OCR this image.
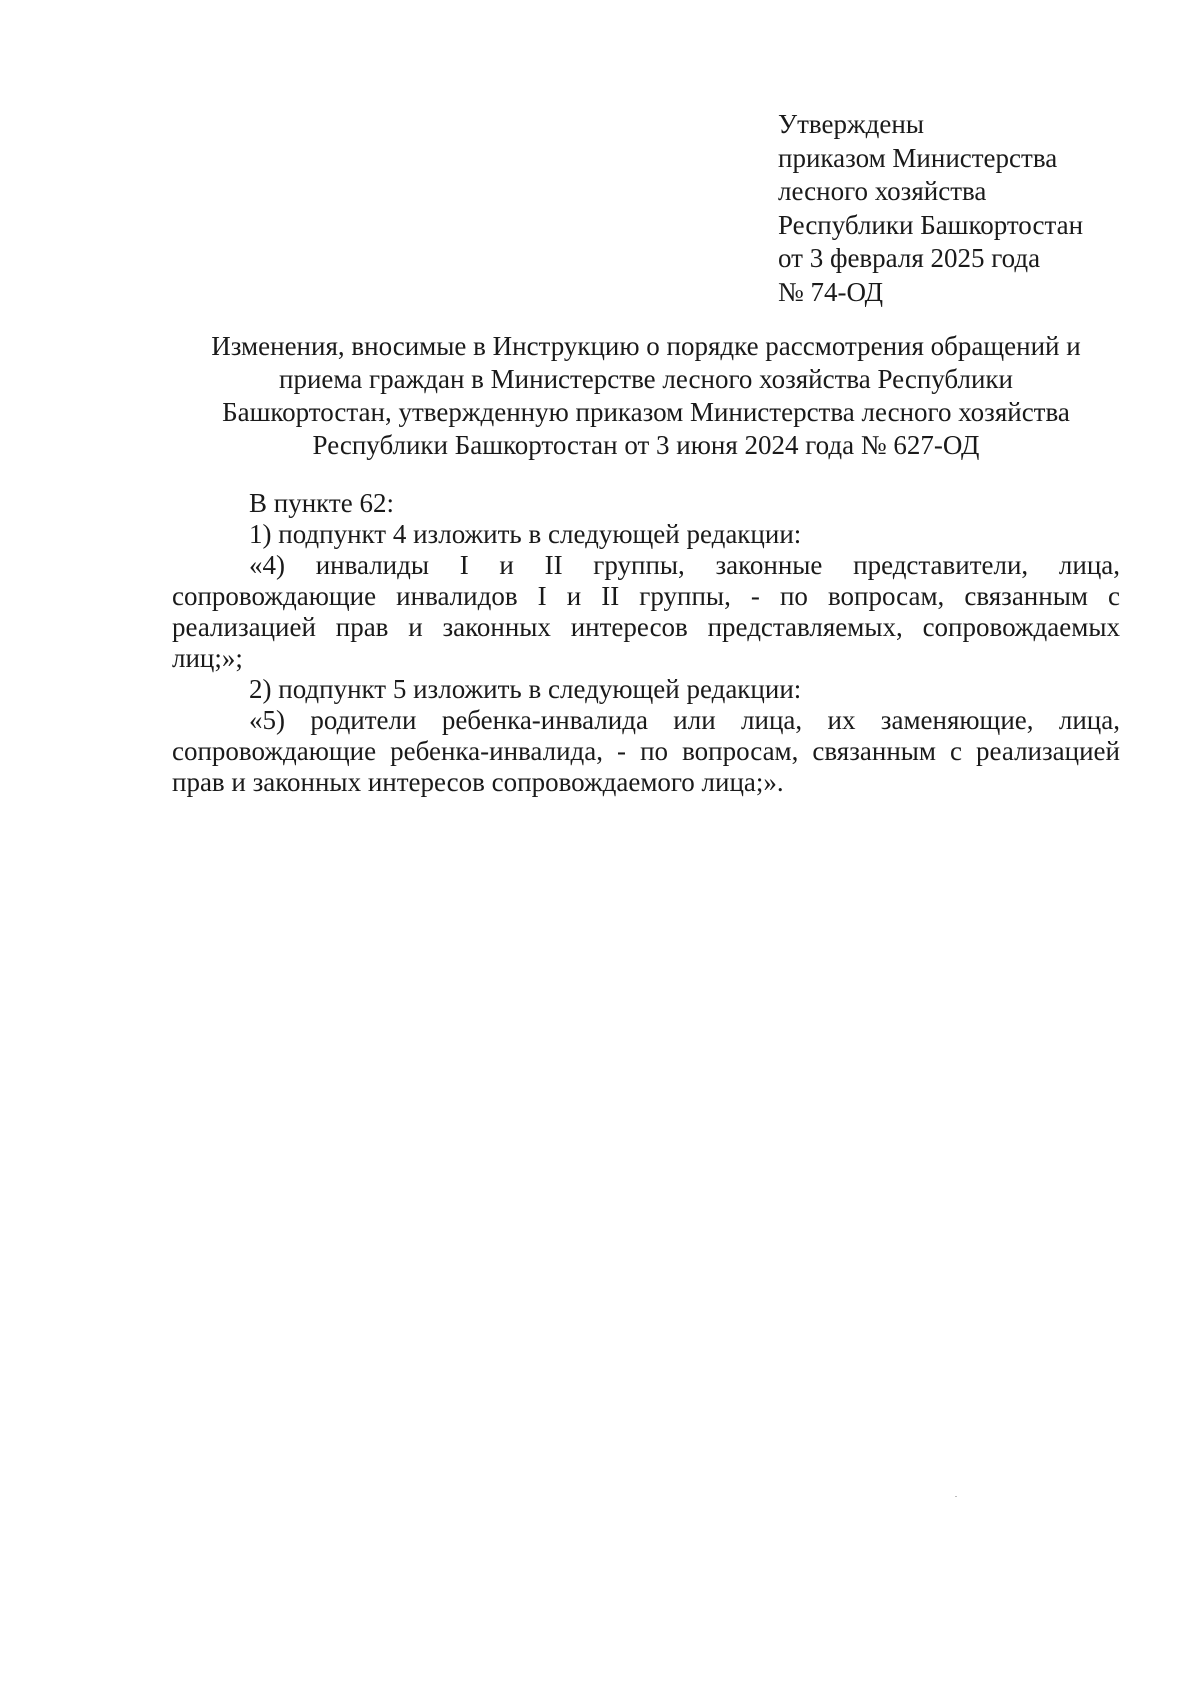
Утверждены
приказом Министерства
лесного хозяйства
Республики Башкортостан
от 3 февраля 2025 года
№ 74-ОД
Изменения, вносимые в Инструкцию о порядке рассмотрения обращений и
приема граждан в Министерстве лесного хозяйства Республики
Башкортостан, утвержденную приказом Министерства лесного хозяйства
Республики Башкортостан от 3 июня 2024 года № 627-ОД
В пункте 62:
1) подпункт 4 изложить в следующей редакции:
«4) инвалиды I и II группы, законные представители, лица,
сопровождающие инвалидов I и II группы, - по вопросам, связанным с
реализацией прав и законных интересов представляемых, сопровождаемых
лиц;»;
2) подпункт 5 изложить в следующей редакции:
«5) родители ребенка-инвалида или лица, их заменяющие, лица,
сопровождающие ребенка-инвалида, - по вопросам, связанным с реализацией
прав и законных интересов сопровождаемого лица;».
